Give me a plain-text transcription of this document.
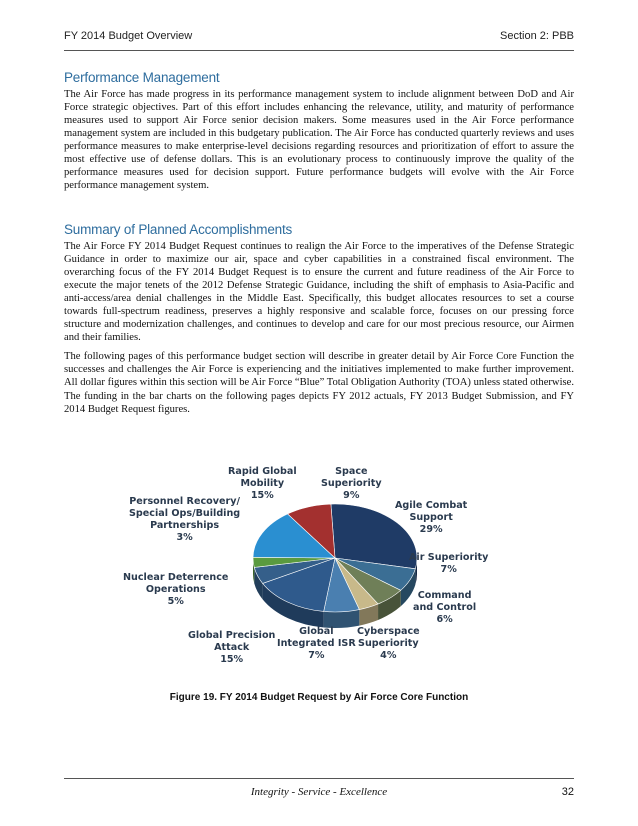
FY 2014 Budget Overview	Section 2: PBB
Performance Management

The Air Force has made progress in its performance management system to include alignment between DoD and Air Force strategic objectives. Part of this effort includes enhancing the relevance, utility, and maturity of performance measures used to support Air Force senior decision makers. Some measures used in the Air Force performance management system are included in this budgetary publication. The Air Force has conducted quarterly reviews and uses performance measures to make enterprise-level decisions regarding resources and prioritization of effort to assure the most effective use of defense dollars. This is an evolutionary process to continuously improve the quality of the performance measures used for decision support. Future performance budgets will evolve with the Air Force performance management system.

Summary of Planned Accomplishments

The Air Force FY 2014 Budget Request continues to realign the Air Force to the imperatives of the Defense Strategic Guidance in order to maximize our air, space and cyber capabilities in a constrained fiscal environment. The overarching focus of the FY 2014 Budget Request is to ensure the current and future readiness of the Air Force to execute the major tenets of the 2012 Defense Strategic Guidance, including the shift of emphasis to Asia-Pacific and anti-access/area denial challenges in the Middle East. Specifically, this budget allocates resources to set a course towards full-spectrum readiness, preserves a highly responsive and scalable force, focuses on our pressing force structure and modernization challenges, and continues to develop and care for our most precious resource, our Airmen and their families.

The following pages of this performance budget section will describe in greater detail by Air Force Core Function the successes and challenges the Air Force is experiencing and the initiatives implemented to make further improvement. All dollar figures within this section will be Air Force “Blue” Total Obligation Authority (TOA) unless stated otherwise. The funding in the bar charts on the following pages depicts FY 2012 actuals, FY 2013 Budget Submission, and FY 2014 Budget Request figures.

Rapid Global
Mobility
15%
Space
Superiority
9%
Agile Combat
Support
29%
Air Superiority
7%
Command
and Control
6%
Cyberspace
Superiority
4%
Global
Integrated ISR
7%
Global Precision
Attack
15%
Nuclear Deterrence
Operations
5%
Personnel Recovery/
Special Ops/Building
Partnerships
3%
Figure 19. FY 2014 Budget Request by Air Force Core Function
Integrity - Service - Excellence	32
